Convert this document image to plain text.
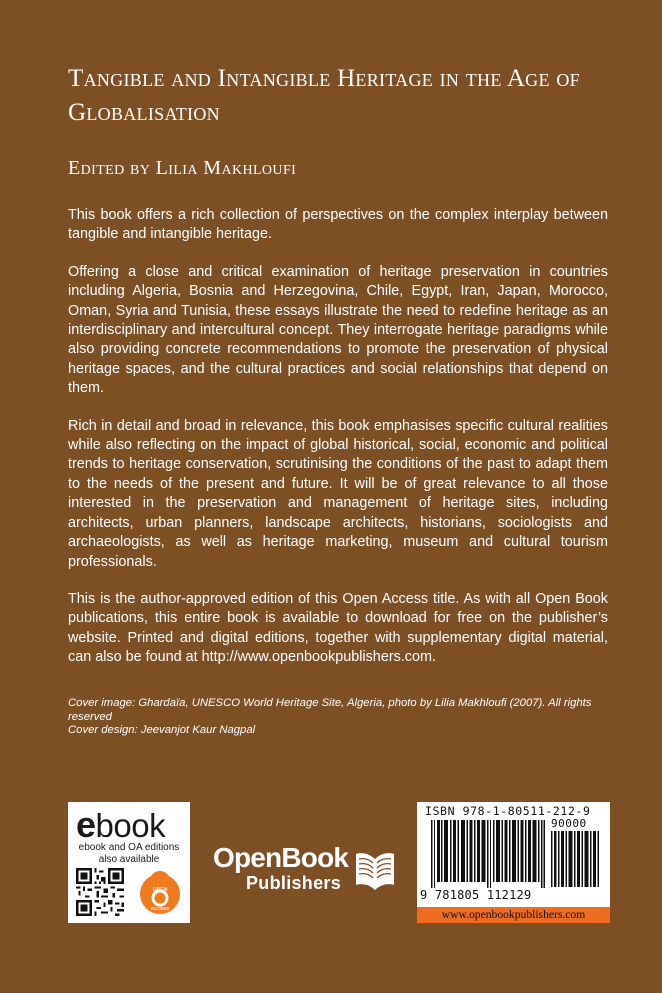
Tangible and Intangible Heritage in the Age of Globalisation
Edited by Lilia Makhloufi

This book offers a rich collection of perspectives on the complex interplay between tangible and intangible heritage.

Offering a close and critical examination of heritage preservation in countries including Algeria, Bosnia and Herzegovina, Chile, Egypt, Iran, Japan, Morocco, Oman, Syria and Tunisia, these essays illustrate the need to redefine heritage as an interdisciplinary and intercultural concept. They interrogate heritage paradigms while also providing concrete recommendations to promote the preservation of physical heritage spaces, and the cultural practices and social relationships that depend on them.

Rich in detail and broad in relevance, this book emphasises specific cultural realities while also reflecting on the impact of global historical, social, economic and political trends to heritage conservation, scrutinising the conditions of the past to adapt them to the needs of the present and future. It will be of great relevance to all those interested in the preservation and management of heritage sites, including architects, urban planners, landscape architects, historians, sociologists and archaeologists, as well as heritage marketing, museum and cultural tourism professionals.

This is the author-approved edition of this Open Access title. As with all Open Book publications, this entire book is available to download for free on the publisher’s website. Printed and digital editions, together with supplementary digital material, can also be found at http://www.openbookpublishers.com.

Cover image: Ghardaïa, UNESCO World Heritage Site, Algeria, photo by Lilia Makhloufi (2007). All rights reserved
Cover design: Jeevanjot Kaur Nagpal
ebook
ebook and OA editions
also available
OPEN
ACCESS
OpenBook
Publishers
ISBN 978-1-80511-212-9
90000
9 781805 112129
www.openbookpublishers.com
